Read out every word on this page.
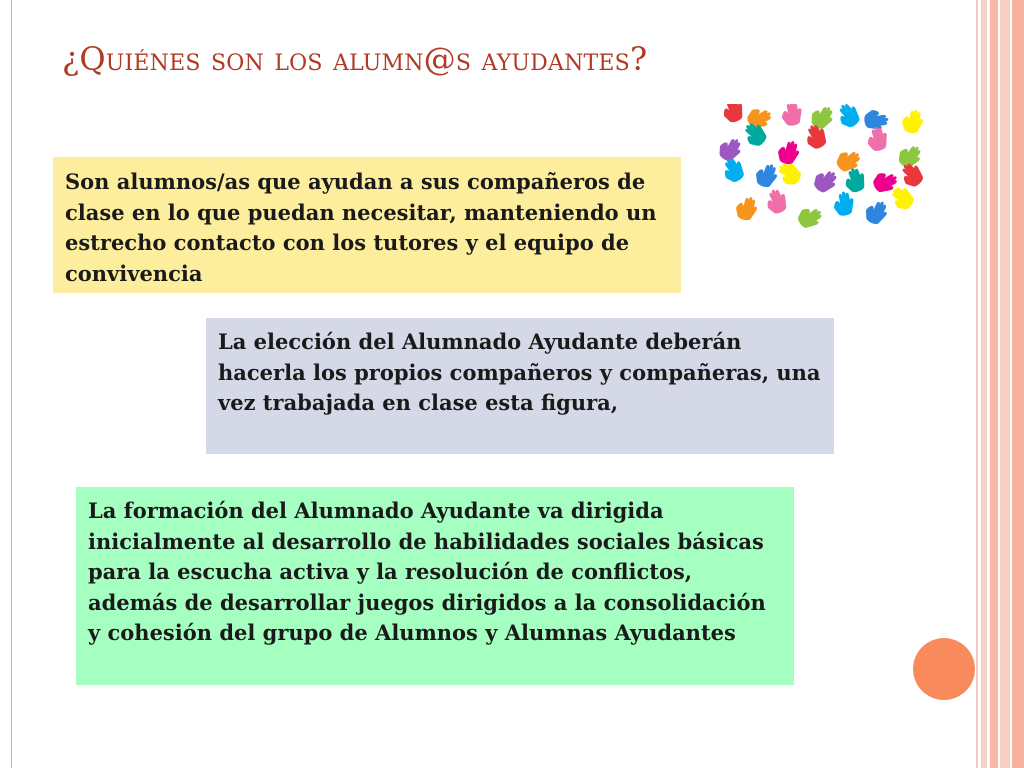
¿Quiénes son los alumn@s ayudantes?
Son alumnos/as que ayudan a sus compañeros de clase en lo que puedan necesitar, manteniendo un estrecho contacto con los tutores y el equipo de convivencia
La elección del Alumnado Ayudante deberán hacerla los propios compañeros y compañeras, una vez trabajada en clase esta figura,
La formación del Alumnado Ayudante va dirigida inicialmente al desarrollo de habilidades sociales básicas para la escucha activa y la resolución de conflictos, además de desarrollar juegos dirigidos a la consolidación y cohesión del grupo de Alumnos y Alumnas Ayudantes
